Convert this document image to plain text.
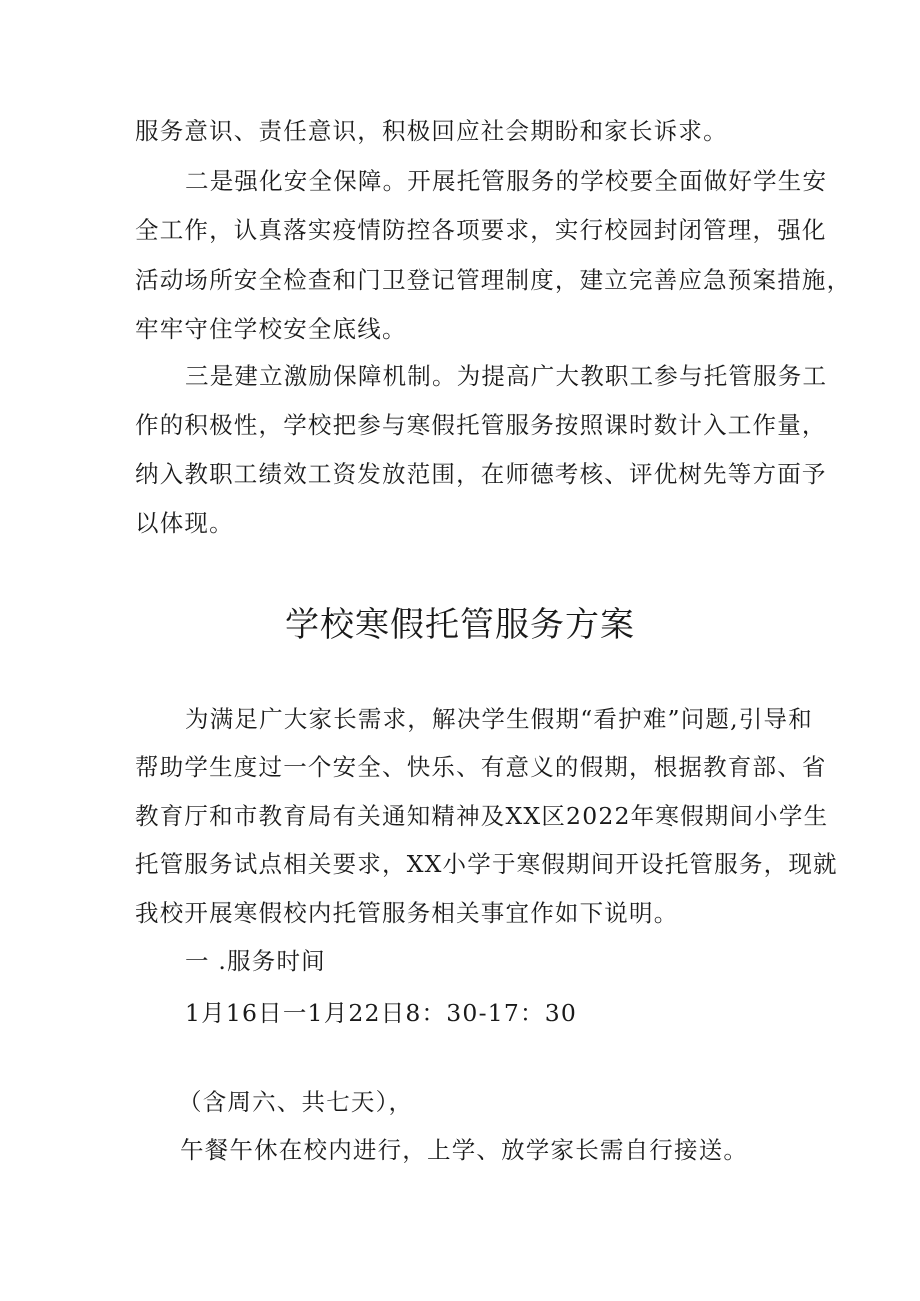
服务意识、责任意识，积极回应社会期盼和家长诉求。
二是强化安全保障。开展托管服务的学校要全面做好学生安
全工作，认真落实疫情防控各项要求，实行校园封闭管理，强化
活动场所安全检查和门卫登记管理制度，建立完善应急预案措施，
牢牢守住学校安全底线。
三是建立激励保障机制。为提高广大教职工参与托管服务工
作的积极性，学校把参与寒假托管服务按照课时数计入工作量，
纳入教职工绩效工资发放范围，在师德考核、评优树先等方面予
以体现。
学校寒假托管服务方案
为满足广大家长需求，解决学生假期“看护难”问题,引导和
帮助学生度过一个安全、快乐、有意义的假期，根据教育部、省
教育厅和市教育局有关通知精神及XX区2022年寒假期间小学生
托管服务试点相关要求，XX小学于寒假期间开设托管服务，现就
我校开展寒假校内托管服务相关事宜作如下说明。
一 .服务时间
1月16日一1月22日8：30-17：30
（含周六、共七天），
午餐午休在校内进行，上学、放学家长需自行接送。
